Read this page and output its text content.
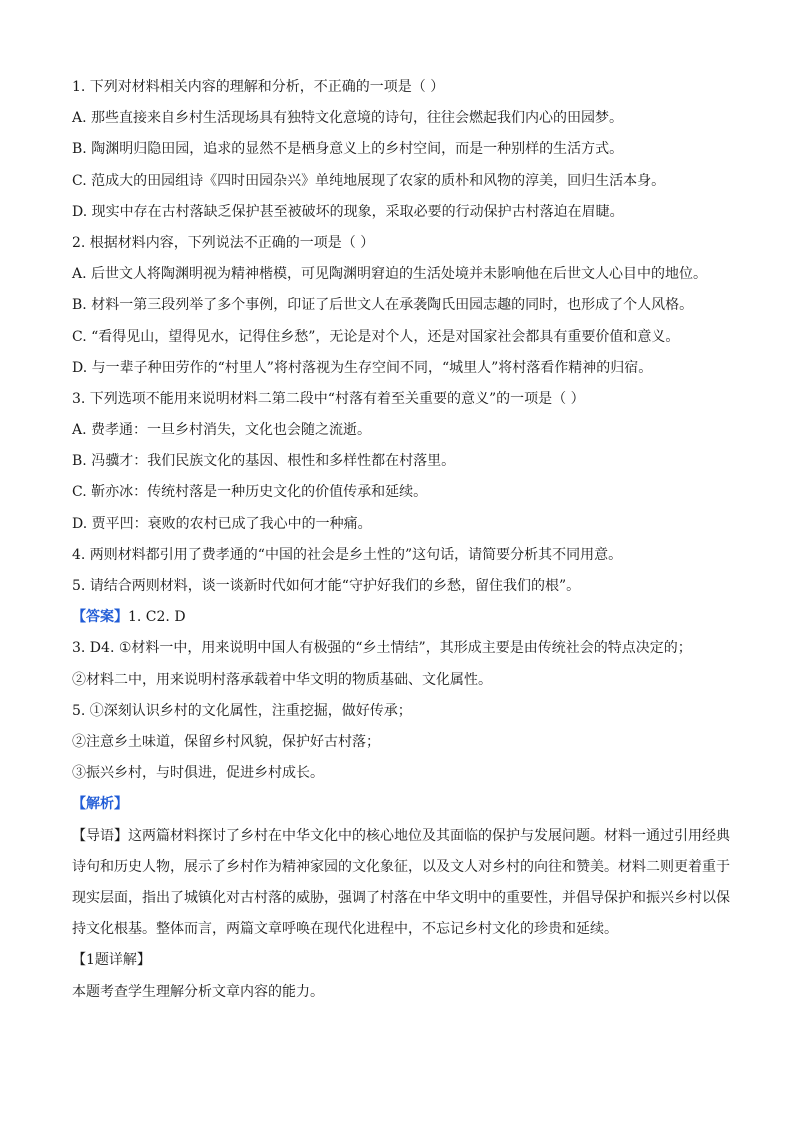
1. 下列对材料相关内容的理解和分析，不正确的一项是（ ）
A. 那些直接来自乡村生活现场具有独特文化意境的诗句，往往会燃起我们内心的田园梦。
B. 陶渊明归隐田园，追求的显然不是栖身意义上的乡村空间，而是一种别样的生活方式。
C. 范成大的田园组诗《四时田园杂兴》单纯地展现了农家的质朴和风物的淳美，回归生活本身。
D. 现实中存在古村落缺乏保护甚至被破坏的现象，采取必要的行动保护古村落迫在眉睫。
2. 根据材料内容，下列说法不正确的一项是（ ）
A. 后世文人将陶渊明视为精神楷模，可见陶渊明窘迫的生活处境并未影响他在后世文人心目中的地位。
B. 材料一第三段列举了多个事例，印证了后世文人在承袭陶氏田园志趣的同时，也形成了个人风格。
C. “看得见山，望得见水，记得住乡愁”，无论是对个人，还是对国家社会都具有重要价值和意义。
D. 与一辈子种田劳作的“村里人”将村落视为生存空间不同，“城里人”将村落看作精神的归宿。
3. 下列选项不能用来说明材料二第二段中“村落有着至关重要的意义”的一项是（ ）
A. 费孝通：一旦乡村消失，文化也会随之流逝。
B. 冯骥才：我们民族文化的基因、根性和多样性都在村落里。
C. 靳亦冰：传统村落是一种历史文化的价值传承和延续。
D. 贾平凹：衰败的农村已成了我心中的一种痛。
4. 两则材料都引用了费孝通的“中国的社会是乡土性的”这句话，请简要分析其不同用意。
5. 请结合两则材料，谈一谈新时代如何才能“守护好我们的乡愁，留住我们的根”。
【答案】1. C2. D
3. D4. ①材料一中，用来说明中国人有极强的“乡土情结”，其形成主要是由传统社会的特点决定的；
②材料二中，用来说明村落承载着中华文明的物质基础、文化属性。
5. ①深刻认识乡村的文化属性，注重挖掘，做好传承；
②注意乡土味道，保留乡村风貌，保护好古村落；
③振兴乡村，与时俱进，促进乡村成长。
【解析】
【导语】这两篇材料探讨了乡村在中华文化中的核心地位及其面临的保护与发展问题。材料一通过引用经典诗句和历史人物，展示了乡村作为精神家园的文化象征，以及文人对乡村的向往和赞美。材料二则更着重于现实层面，指出了城镇化对古村落的威胁，强调了村落在中华文明中的重要性，并倡导保护和振兴乡村以保持文化根基。整体而言，两篇文章呼唤在现代化进程中，不忘记乡村文化的珍贵和延续。
【1题详解】
本题考查学生理解分析文章内容的能力。
